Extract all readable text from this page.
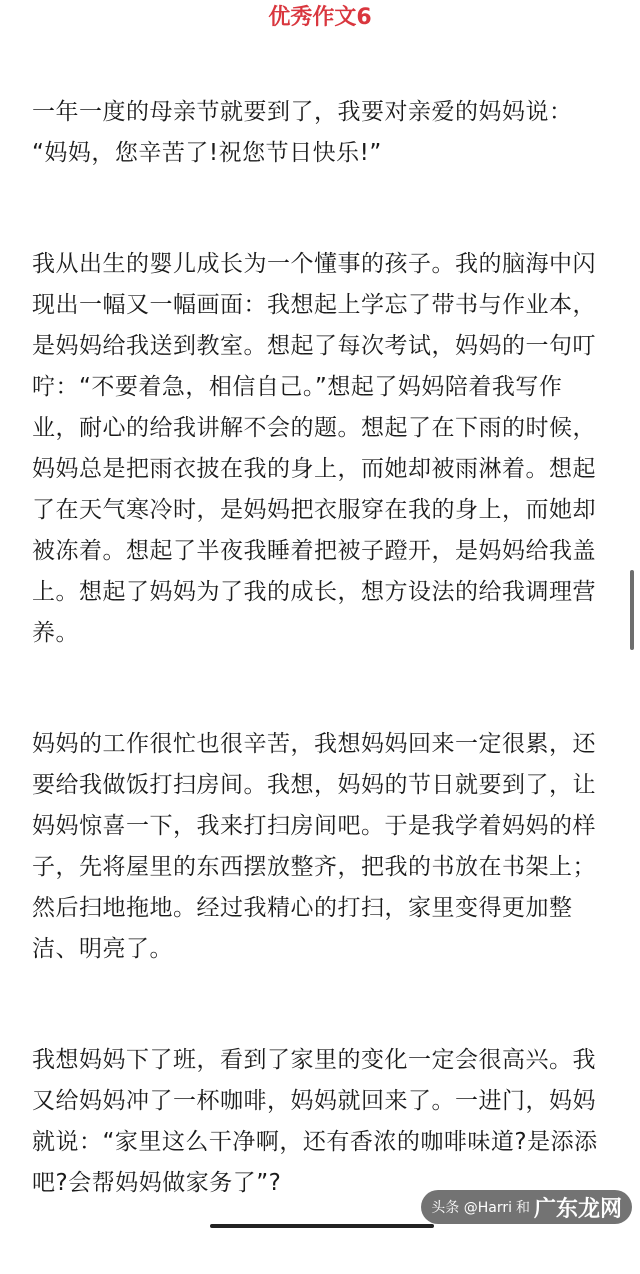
优秀作文6

一年一度的母亲节就要到了，我要对亲爱的妈妈说：
“妈妈，您辛苦了!祝您节日快乐!”

我从出生的婴儿成长为一个懂事的孩子。我的脑海中闪
现出一幅又一幅画面：我想起上学忘了带书与作业本，
是妈妈给我送到教室。想起了每次考试，妈妈的一句叮
咛：“不要着急，相信自己。”想起了妈妈陪着我写作
业，耐心的给我讲解不会的题。想起了在下雨的时候，
妈妈总是把雨衣披在我的身上，而她却被雨淋着。想起
了在天气寒冷时，是妈妈把衣服穿在我的身上，而她却
被冻着。想起了半夜我睡着把被子蹬开，是妈妈给我盖
上。想起了妈妈为了我的成长，想方设法的给我调理营
养。

妈妈的工作很忙也很辛苦，我想妈妈回来一定很累，还
要给我做饭打扫房间。我想，妈妈的节日就要到了，让
妈妈惊喜一下，我来打扫房间吧。于是我学着妈妈的样
子，先将屋里的东西摆放整齐，把我的书放在书架上；
然后扫地拖地。经过我精心的打扫，家里变得更加整
洁、明亮了。

我想妈妈下了班，看到了家里的变化一定会很高兴。我
又给妈妈冲了一杯咖啡，妈妈就回来了。一进门，妈妈
就说：“家里这么干净啊，还有香浓的咖啡味道?是添添
吧?会帮妈妈做家务了”?

头条 @Harri 和 广东龙网
